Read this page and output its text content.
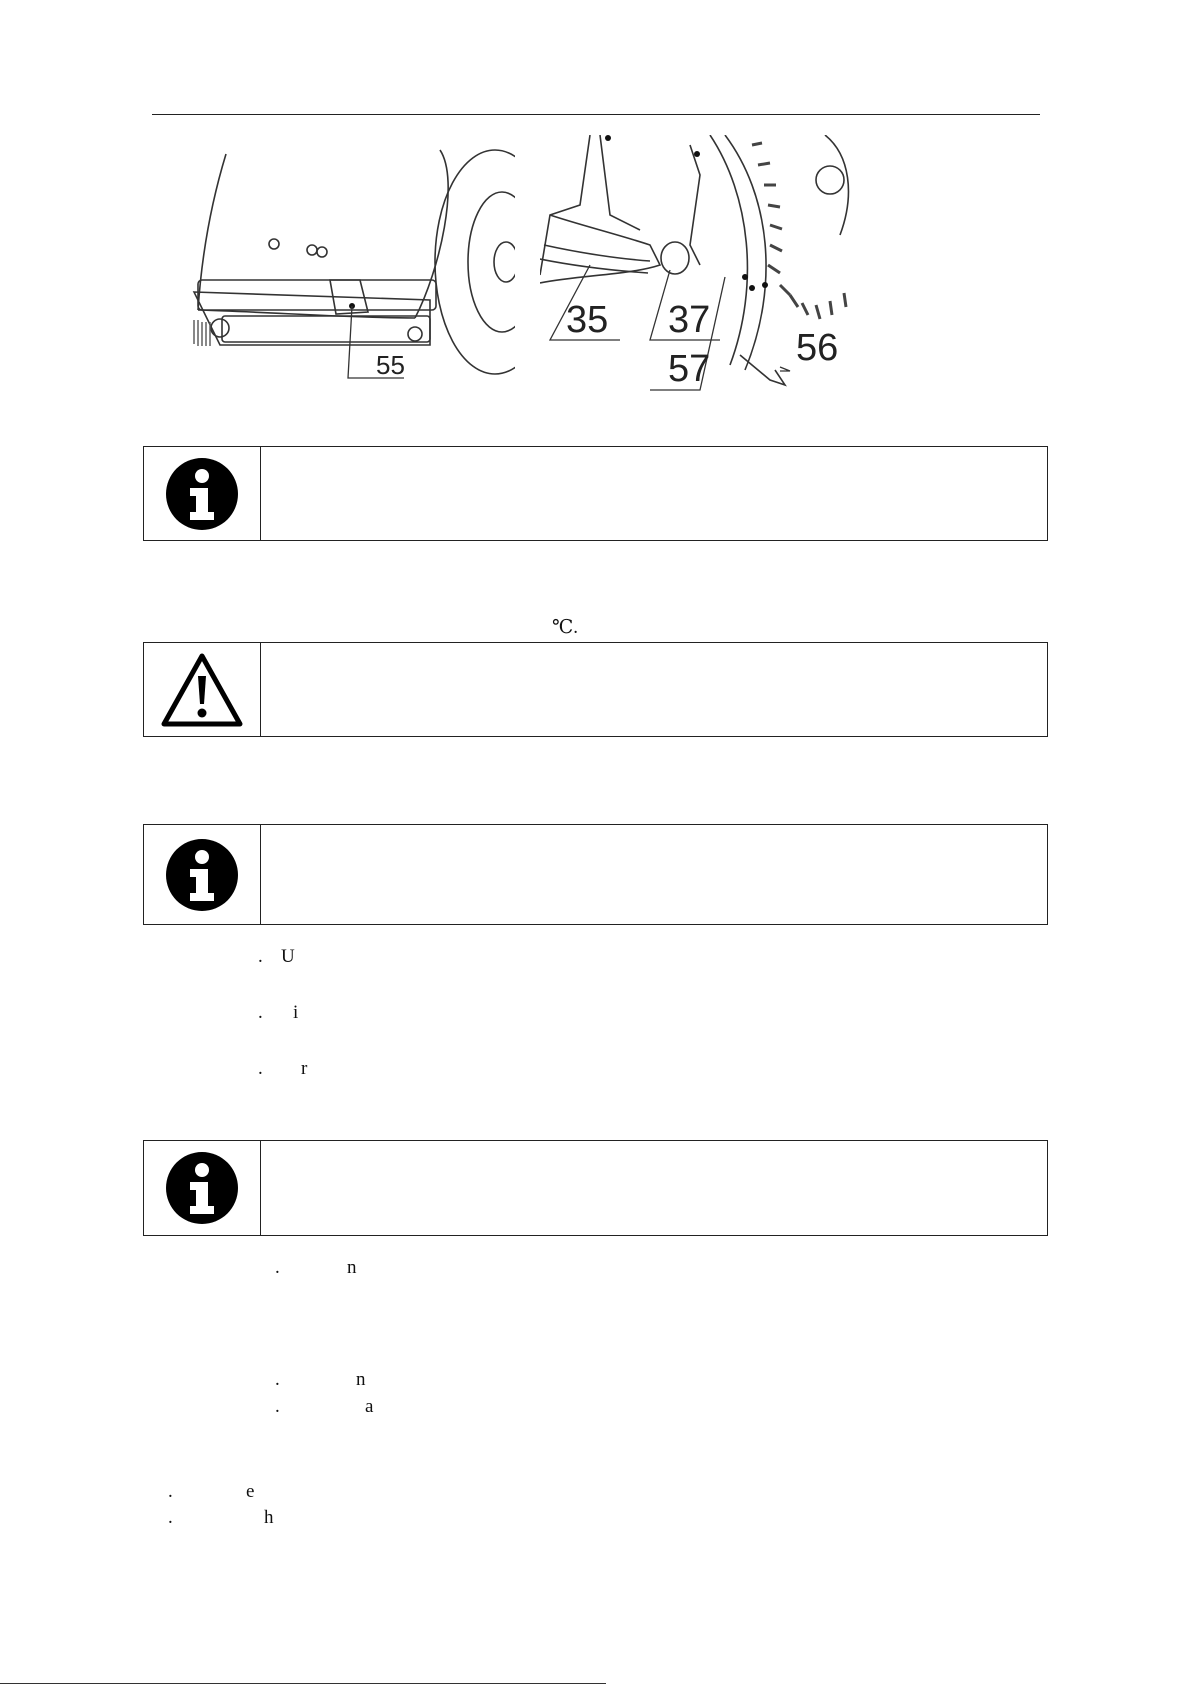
55
35 37
56
57
℃.
. U
. i
. r
.	n
.	n
.	a
.	e
.	h
